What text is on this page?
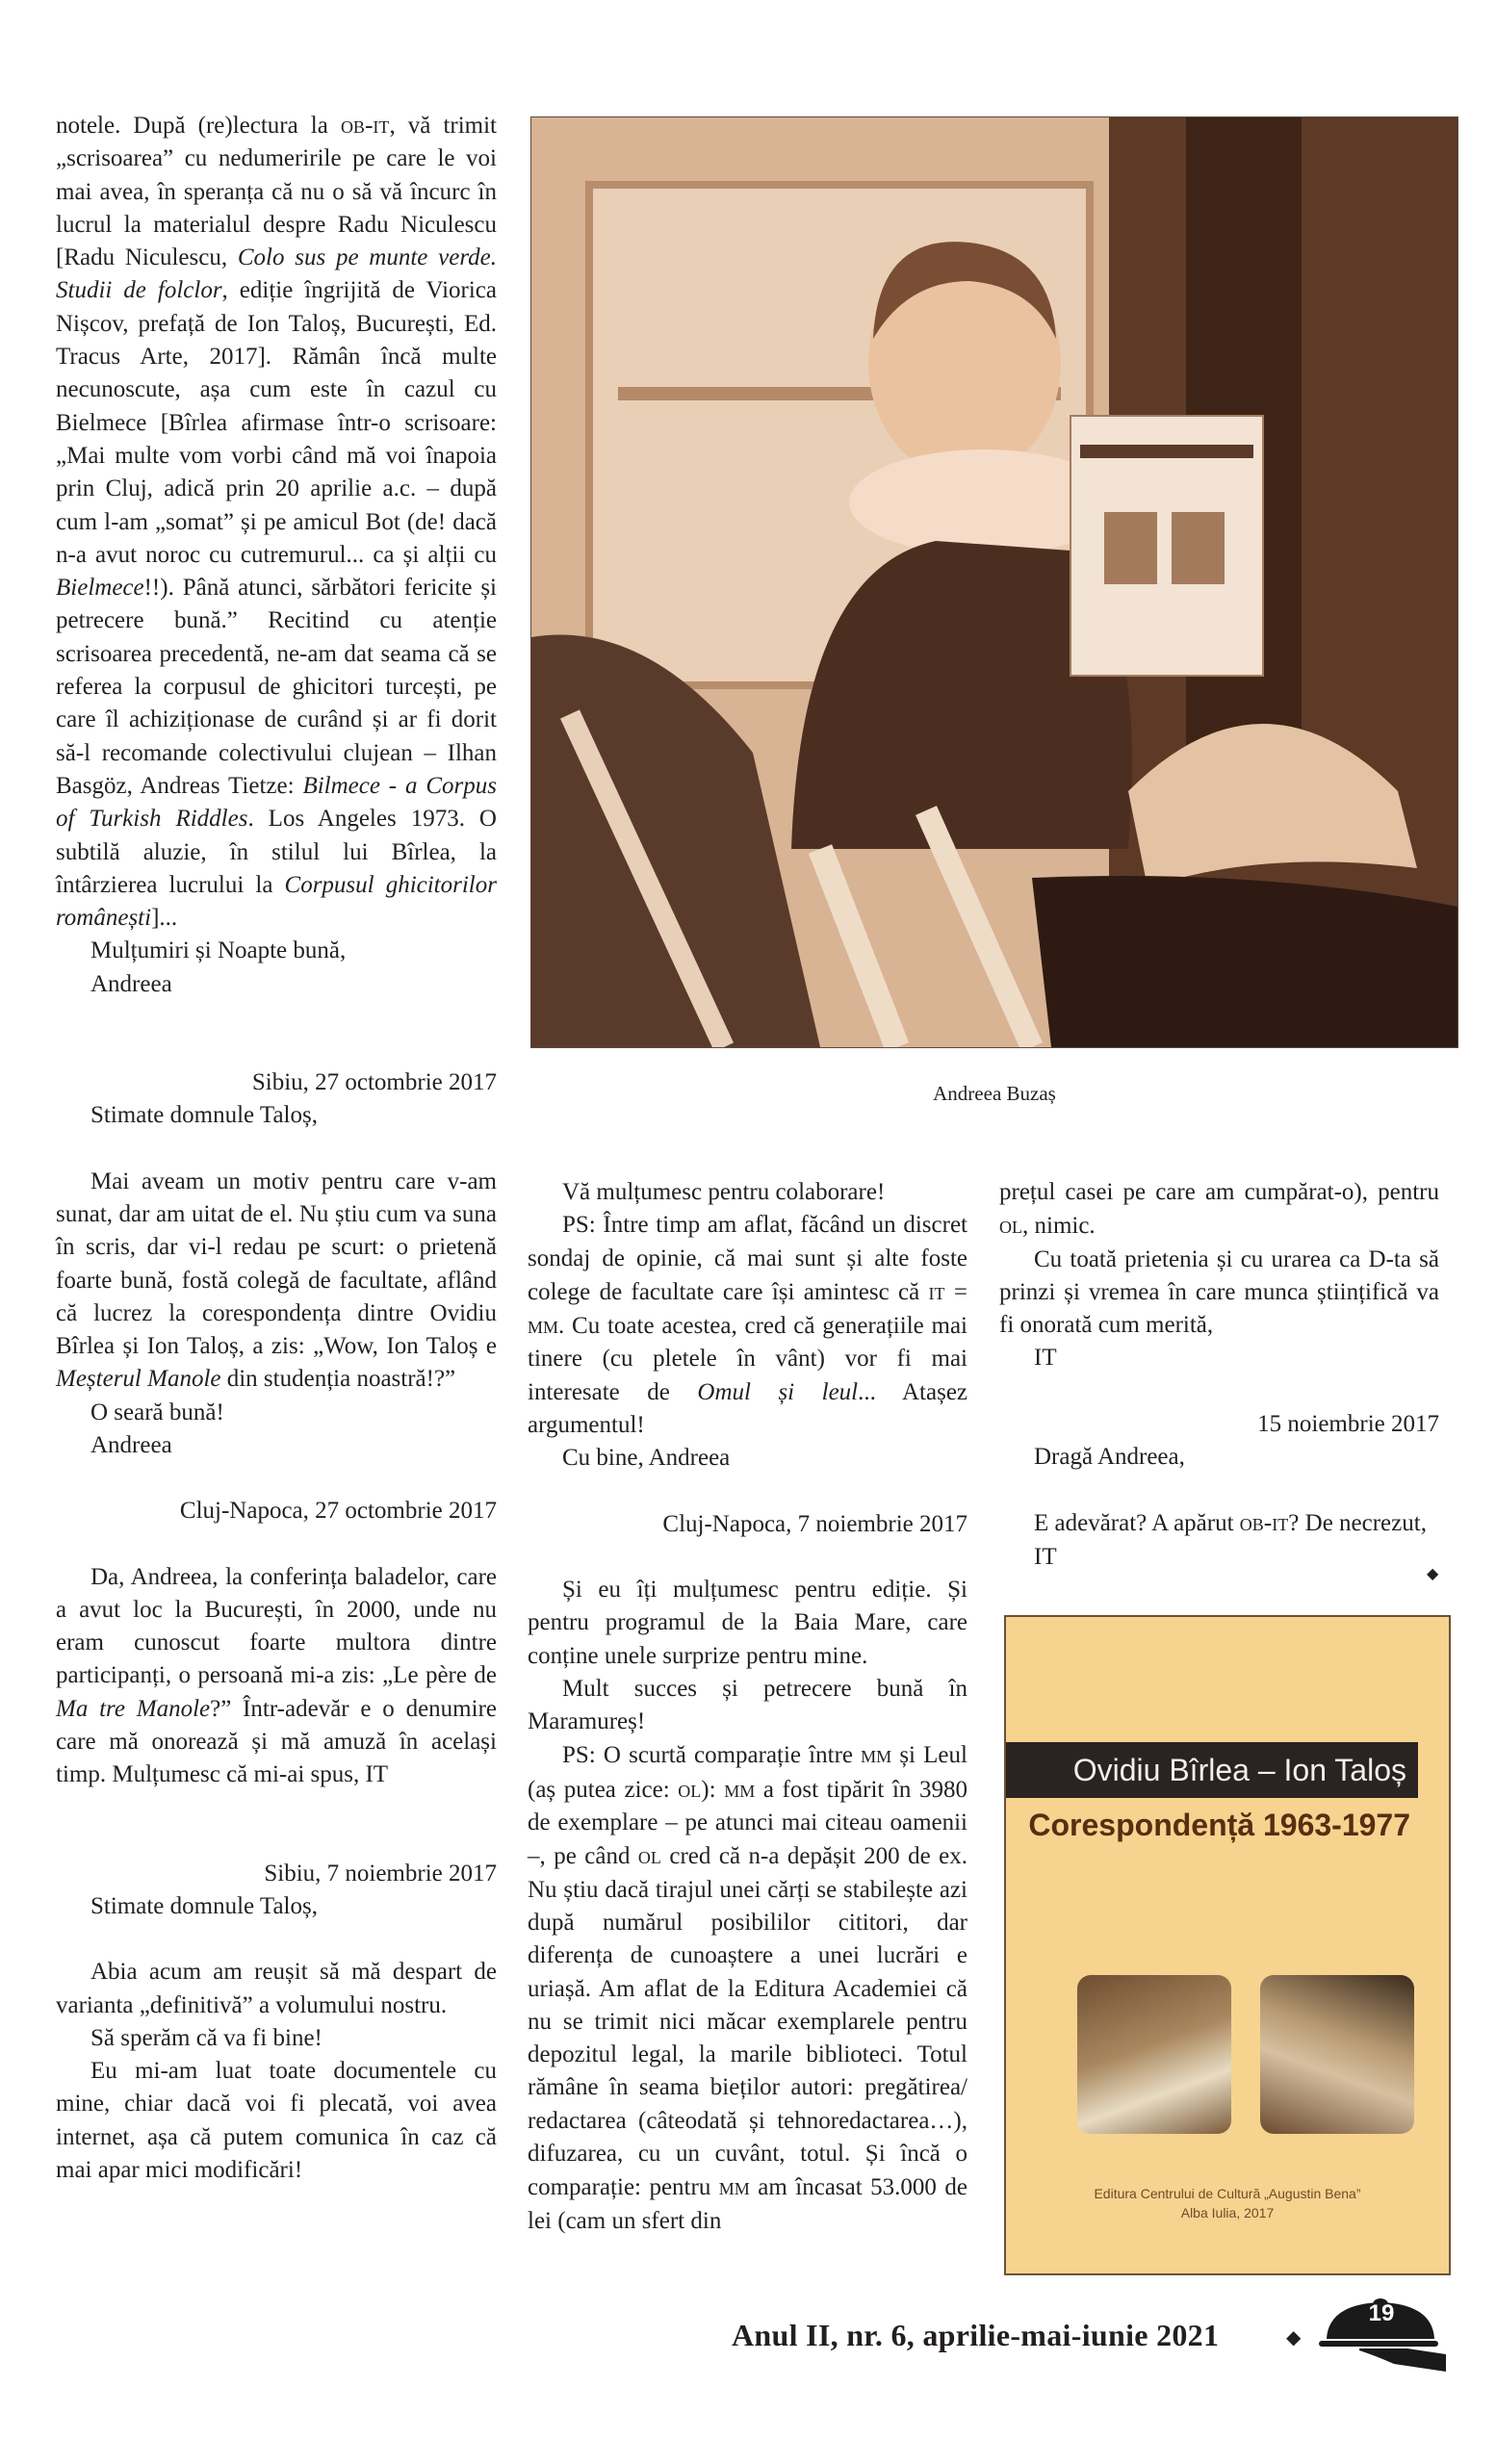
notele. După (re)lectura la ob-it, vă trimit „scrisoarea” cu nedumeririle pe care le voi mai avea, în speranța că nu o să vă încurc în lucrul la materialul despre Radu Niculescu [Radu Niculescu, Colo sus pe munte verde. Studii de folclor, ediție îngrijită de Viorica Nișcov, prefață de Ion Taloș, București, Ed. Tracus Arte, 2017]. Rămân încă multe necunoscute, așa cum este în cazul cu Bielmece [Bîrlea afirmase într-o scrisoare: „Mai multe vom vorbi când mă voi înapoia prin Cluj, adică prin 20 aprilie a.c. – după cum l-am „somat” și pe amicul Bot (de! dacă n-a avut noroc cu cutremurul... ca și alții cu Bielmece!!). Până atunci, sărbători fericite și petrecere bună.” Recitind cu atenție scrisoarea precedentă, ne-am dat seama că se referea la corpusul de ghicitori turcești, pe care îl achiziționase de curând și ar fi dorit să-l recomande colectivului clujean – Ilhan Basgöz, Andreas Tietze: Bilmece - a Corpus of Turkish Riddles. Los Angeles 1973. O subtilă aluzie, în stilul lui Bîrlea, la întârzierea lucrului la Corpusul ghicitorilor românești]...

Mulțumiri și Noapte bună,

Andreea

Sibiu, 27 octombrie 2017

Stimate domnule Taloș,

Mai aveam un motiv pentru care v-am sunat, dar am uitat de el. Nu știu cum va suna în scris, dar vi-l redau pe scurt: o prietenă foarte bună, fostă colegă de facultate, aflând că lucrez la corespondența dintre Ovidiu Bîrlea și Ion Taloș, a zis: „Wow, Ion Taloș e Meșterul Manole din studenția noastră!?”

O seară bună!

Andreea

Cluj-Napoca, 27 octombrie 2017

Da, Andreea, la conferința baladelor, care a avut loc la București, în 2000, unde nu eram cunoscut foarte multora dintre participanți, o persoană mi-a zis: „Le père de Ma tre Manole?” Într-adevăr e o denumire care mă onorează și mă amuză în același timp. Mulțumesc că mi-ai spus, IT

Sibiu, 7 noiembrie 2017

Stimate domnule Taloș,

Abia acum am reușit să mă despart de varianta „definitivă” a volumului nostru.

Să sperăm că va fi bine!

Eu mi-am luat toate documentele cu mine, chiar dacă voi fi plecată, voi avea internet, așa că putem comunica în caz că mai apar mici modificări!

Andreea Buzaș

Vă mulțumesc pentru colaborare!

PS: Între timp am aflat, făcând un discret sondaj de opinie, că mai sunt și alte foste colege de facultate care își amintesc că it = mm. Cu toate acestea, cred că generațiile mai tinere (cu pletele în vânt) vor fi mai interesate de Omul și leul... Atașez argumentul!

Cu bine, Andreea

Cluj-Napoca, 7 noiembrie 2017

Și eu îți mulțumesc pentru ediție. Și pentru programul de la Baia Mare, care conține unele surprize pentru mine.

Mult succes și petrecere bună în Maramureș!

PS: O scurtă comparație între mm și Leul (aș putea zice: ol): mm a fost tipărit în 3980 de exemplare – pe atunci mai citeau oamenii –, pe când ol cred că n-a depășit 200 de ex. Nu știu dacă tirajul unei cărți se stabilește azi după numărul posibililor cititori, dar diferența de cunoaștere a unei lucrări e uriașă. Am aflat de la Editura Academiei că nu se trimit nici măcar exemplarele pentru depozitul legal, la marile biblioteci. Totul rămâne în seama bieților autori: pregătirea/ redactarea (câteodată și tehnoredactarea…), difuzarea, cu un cuvânt, totul. Și încă o comparație: pentru mm am încasat 53.000 de lei (cam un sfert din

prețul casei pe care am cumpărat-o), pentru ol, nimic.

Cu toată prietenia și cu urarea ca D-ta să prinzi și vremea în care munca științifică va fi onorată cum merită,

IT

15 noiembrie 2017

Dragă Andreea,

E adevărat? A apărut ob-it? De necrezut,

IT

◆
Ovidiu Bîrlea – Ion Taloș
Corespondență 1963-1977
Editura Centrului de Cultură „Augustin Bena”
Alba Iulia, 2017
Anul II, nr. 6, aprilie-mai-iunie 2021	◆
19
